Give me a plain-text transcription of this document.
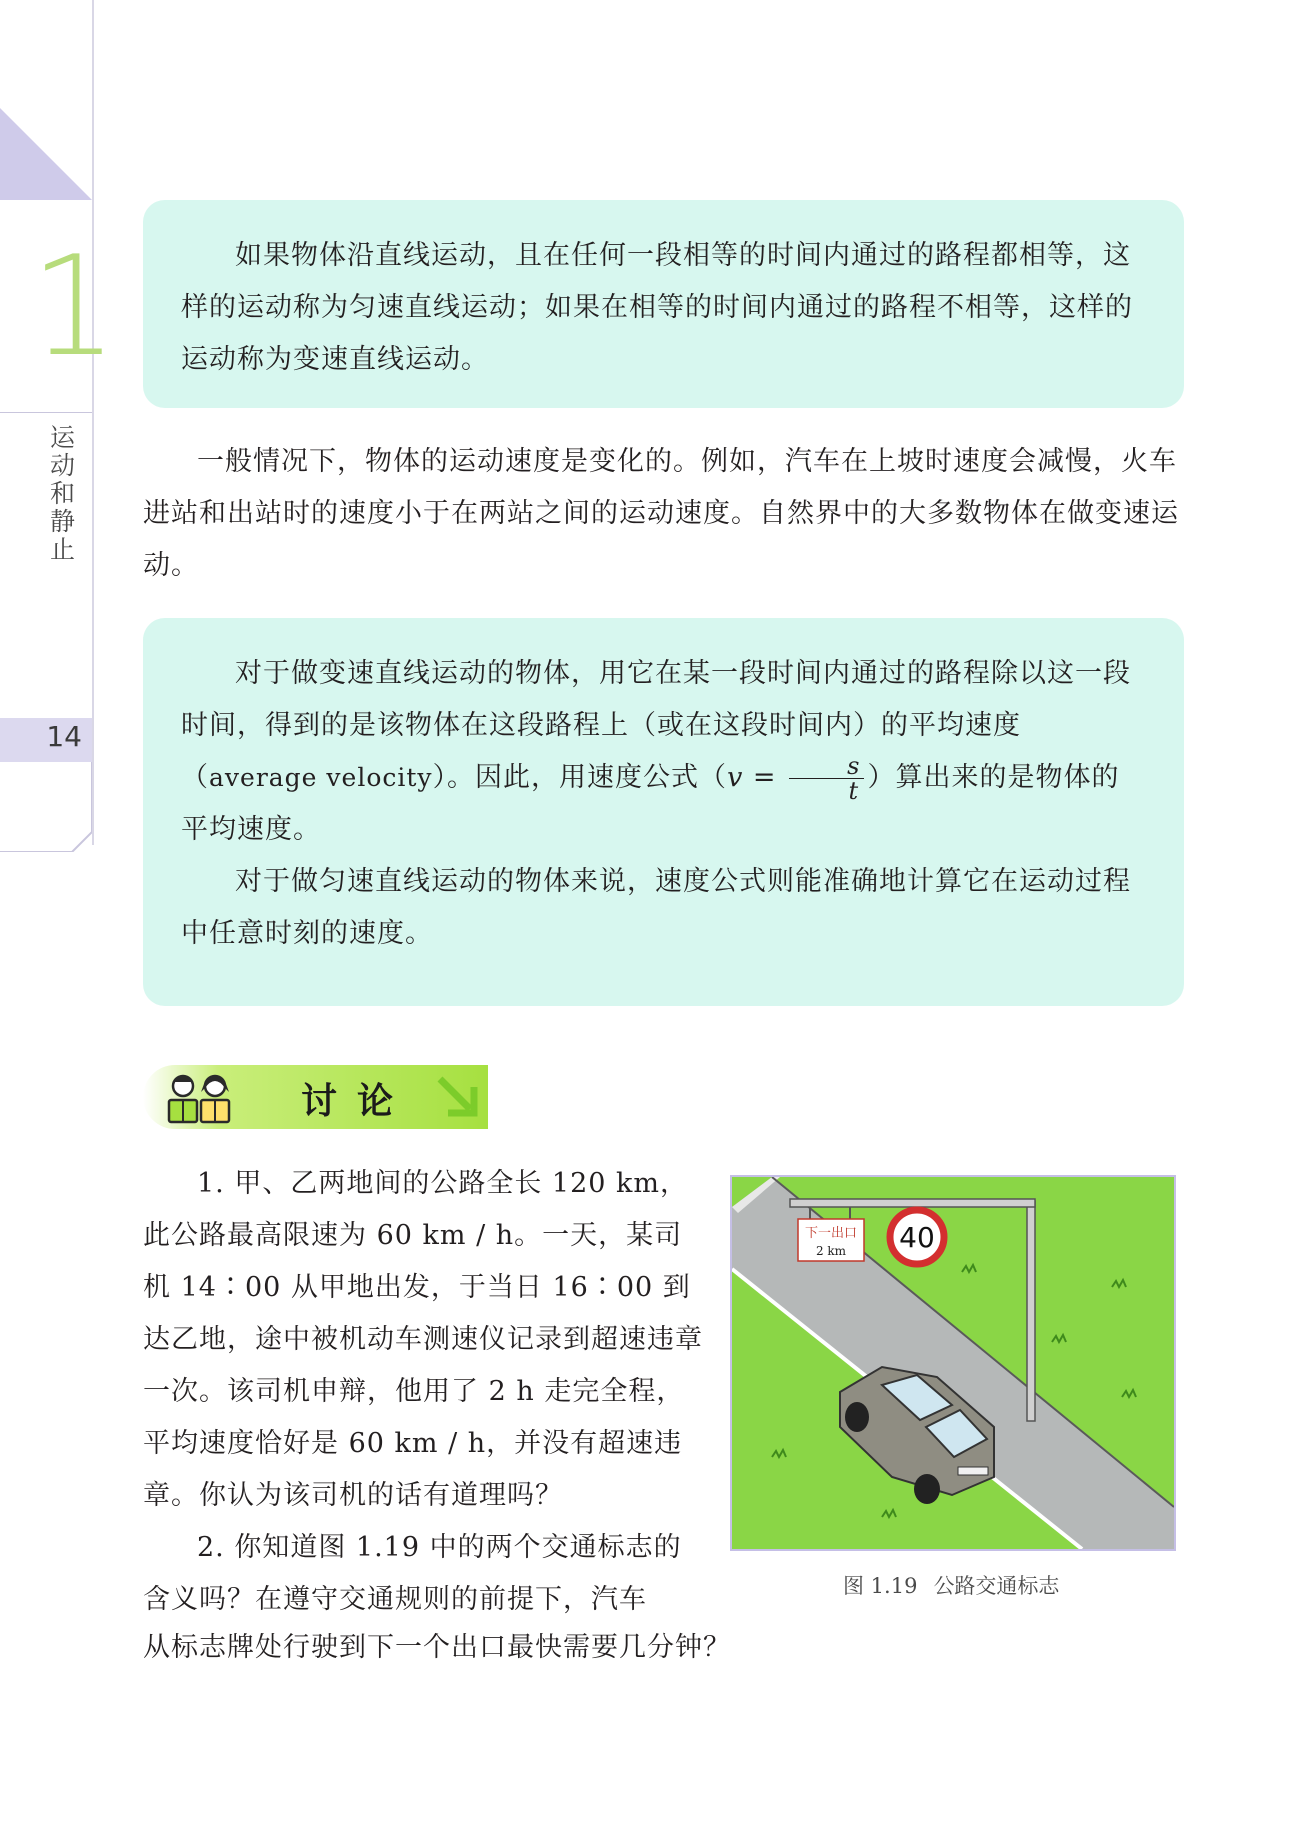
1
运动和静止
14

如果物体沿直线运动，且在任何一段相等的时间内通过的路程都相等，这样的运动称为匀速直线运动；如果在相等的时间内通过的路程不相等，这样的运动称为变速直线运动。

一般情况下，物体的运动速度是变化的。例如，汽车在上坡时速度会减慢，火车进站和出站时的速度小于在两站之间的运动速度。自然界中的大多数物体在做变速运动。

对于做变速直线运动的物体，用它在某一段时间内通过的路程除以这一段时间，得到的是该物体在这段路程上（或在这段时间内）的平均速度（average velocity）。因此，用速度公式（$v = \frac{s}{t}$ ）算出来的是物体的平均速度。

对于做匀速直线运动的物体来说，速度公式则能准确地计算它在运动过程中任意时刻的速度。

讨论

1. 甲、乙两地间的公路全长 120 km，此公路最高限速为 60 km / h。一天，某司机 14∶00 从甲地出发，于当日 16∶00 到达乙地，途中被机动车测速仪记录到超速违章一次。该司机申辩，他用了 2 h 走完全程，平均速度恰好是 60 km / h，并没有超速违章。你认为该司机的话有道理吗？

2. 你知道图 1.19 中的两个交通标志的含义吗？在遵守交通规则的前提下，汽车

从标志牌处行驶到下一个出口最快需要几分钟？

下一出口
2 km 40
图 1.19 公路交通标志
